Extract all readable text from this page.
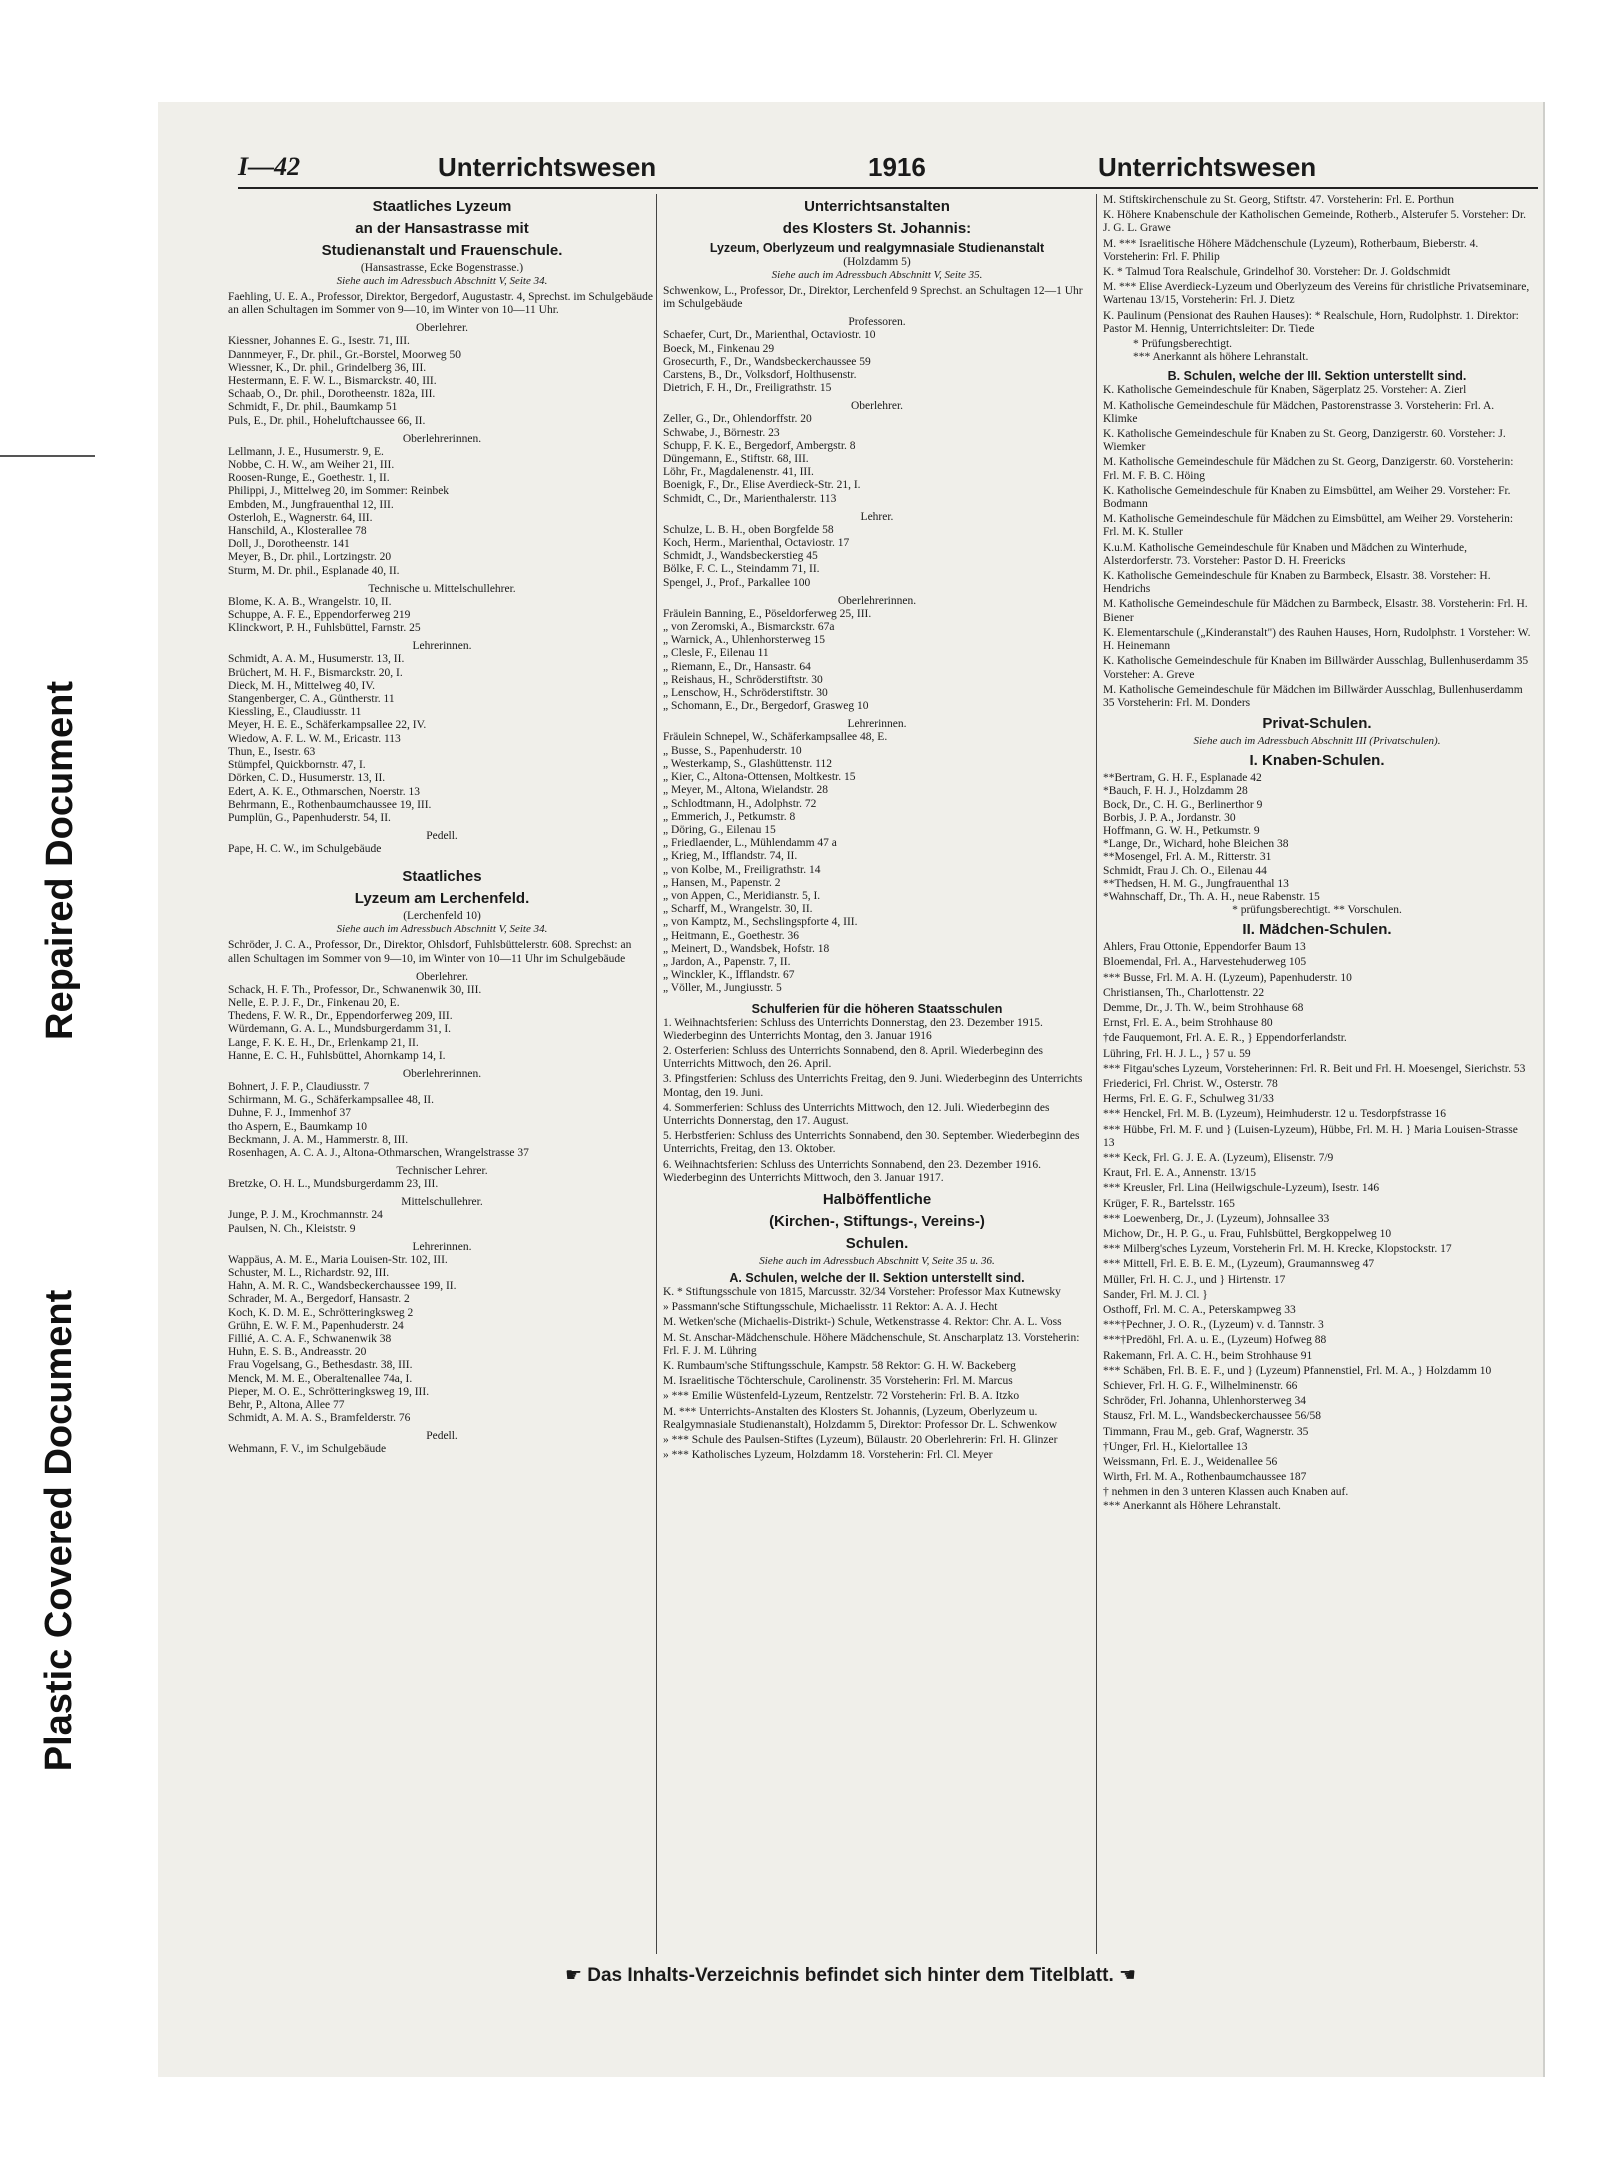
Repaired Document
Plastic Covered Document
I—42	Unterrichtswesen	1916	Unterrichtswesen
Staatliches Lyzeum
an der Hansastrasse mit
Studienanstalt und Frauenschule.
(Hansastrasse, Ecke Bogenstrasse.)
Siehe auch im Adressbuch Abschnitt V, Seite 34.
Faehling, U. E. A., Professor, Direktor, Bergedorf, Augustastr. 4, Sprechst. im Schulgebäude an allen Schultagen im Sommer von 9—10, im Winter von 10—11 Uhr.
Oberlehrer.
Kiessner, Johannes E. G., Isestr. 71, III.
Dannmeyer, F., Dr. phil., Gr.-Borstel, Moorweg 50
Wiessner, K., Dr. phil., Grindelberg 36, III.
Hestermann, E. F. W. L., Bismarckstr. 40, III.
Schaab, O., Dr. phil., Dorotheenstr. 182a, III.
Schmidt, F., Dr. phil., Baumkamp 51
Puls, E., Dr. phil., Hoheluftchaussee 66, II.
Oberlehrerinnen.
Lellmann, J. E., Husumerstr. 9, E.
Nobbe, C. H. W., am Weiher 21, III.
Roosen-Runge, E., Goethestr. 1, II.
Philippi, J., Mittelweg 20, im Sommer: Reinbek
Embden, M., Jungfrauenthal 12, III.
Osterloh, E., Wagnerstr. 64, III.
Hanschild, A., Klosterallee 78
Doll, J., Dorotheenstr. 141
Meyer, B., Dr. phil., Lortzingstr. 20
Sturm, M. Dr. phil., Esplanade 40, II.
Technische u. Mittelschullehrer.
Blome, K. A. B., Wrangelstr. 10, II.
Schuppe, A. F. E., Eppendorferweg 219
Klinckwort, P. H., Fuhlsbüttel, Farnstr. 25
Lehrerinnen.
Schmidt, A. A. M., Husumerstr. 13, II.
Brüchert, M. H. F., Bismarckstr. 20, I.
Dieck, M. H., Mittelweg 40, IV.
Stangenberger, C. A., Güntherstr. 11
Kiessling, E., Claudiusstr. 11
Meyer, H. E. E., Schäferkampsallee 22, IV.
Wiedow, A. F. L. W. M., Ericastr. 113
Thun, E., Isestr. 63
Stümpfel, Quickbornstr. 47, I.
Dörken, C. D., Husumerstr. 13, II.
Edert, A. K. E., Othmarschen, Noerstr. 13
Behrmann, E., Rothenbaumchaussee 19, III.
Pumplün, G., Papenhuderstr. 54, II.
Pedell.
Pape, H. C. W., im Schulgebäude
Staatliches
Lyzeum am Lerchenfeld.
(Lerchenfeld 10)
Siehe auch im Adressbuch Abschnitt V, Seite 34.
Schröder, J. C. A., Professor, Dr., Direktor, Ohlsdorf, Fuhlsbüttelerstr. 608. Sprechst: an allen Schultagen im Sommer von 9—10, im Winter von 10—11 Uhr im Schulgebäude
Oberlehrer.
Schack, H. F. Th., Professor, Dr., Schwanenwik 30, III.
Nelle, E. P. J. F., Dr., Finkenau 20, E.
Thedens, F. W. R., Dr., Eppendorferweg 209, III.
Würdemann, G. A. L., Mundsburgerdamm 31, I.
Lange, F. K. E. H., Dr., Erlenkamp 21, II.
Hanne, E. C. H., Fuhlsbüttel, Ahornkamp 14, I.
Oberlehrerinnen.
Bohnert, J. F. P., Claudiusstr. 7
Schirmann, M. G., Schäferkampsallee 48, II.
Duhne, F. J., Immenhof 37
tho Aspern, E., Baumkamp 10
Beckmann, J. A. M., Hammerstr. 8, III.
Rosenhagen, A. C. A. J., Altona-Othmarschen, Wrangelstrasse 37
Technischer Lehrer.
Bretzke, O. H. L., Mundsburgerdamm 23, III.
Mittelschullehrer.
Junge, P. J. M., Krochmannstr. 24
Paulsen, N. Ch., Kleiststr. 9
Lehrerinnen.
Wappäus, A. M. E., Maria Louisen-Str. 102, III.
Schuster, M. L., Richardstr. 92, III.
Hahn, A. M. R. C., Wandsbeckerchaussee 199, II.
Schrader, M. A., Bergedorf, Hansastr. 2
Koch, K. D. M. E., Schrötteringksweg 2
Grühn, E. W. F. M., Papenhuderstr. 24
Fillié, A. C. A. F., Schwanenwik 38
Huhn, E. S. B., Andreasstr. 20
Frau Vogelsang, G., Bethesdastr. 38, III.
Menck, M. M. E., Oberaltenallee 74a, I.
Pieper, M. O. E., Schrötteringksweg 19, III.
Behr, P., Altona, Allee 77
Schmidt, A. M. A. S., Bramfelderstr. 76
Pedell.
Wehmann, F. V., im Schulgebäude
Unterrichtsanstalten
des Klosters St. Johannis:
Lyzeum, Oberlyzeum und realgymnasiale Studienanstalt
(Holzdamm 5)
Siehe auch im Adressbuch Abschnitt V, Seite 35.
Schwenkow, L., Professor, Dr., Direktor, Lerchenfeld 9 Sprechst. an Schultagen 12—1 Uhr im Schulgebäude
Professoren.
Schaefer, Curt, Dr., Marienthal, Octaviostr. 10
Boeck, M., Finkenau 29
Grosecurth, F., Dr., Wandsbeckerchaussee 59
Carstens, B., Dr., Volksdorf, Holthusenstr.
Dietrich, F. H., Dr., Freiligrathstr. 15
Oberlehrer.
Zeller, G., Dr., Ohlendorffstr. 20
Schwabe, J., Börnestr. 23
Schupp, F. K. E., Bergedorf, Ambergstr. 8
Düngemann, E., Stiftstr. 68, III.
Löhr, Fr., Magdalenenstr. 41, III.
Boenigk, F., Dr., Elise Averdieck-Str. 21, I.
Schmidt, C., Dr., Marienthalerstr. 113
Lehrer.
Schulze, L. B. H., oben Borgfelde 58
Koch, Herm., Marienthal, Octaviostr. 17
Schmidt, J., Wandsbeckerstieg 45
Bölke, F. C. L., Steindamm 71, II.
Spengel, J., Prof., Parkallee 100
Oberlehrerinnen.
Fräulein Banning, E., Pöseldorferweg 25, III.
„ von Zeromski, A., Bismarckstr. 67a
„ Warnick, A., Uhlenhorsterweg 15
„ Clesle, F., Eilenau 11
„ Riemann, E., Dr., Hansastr. 64
„ Reishaus, H., Schröderstiftstr. 30
„ Lenschow, H., Schröderstiftstr. 30
„ Schomann, E., Dr., Bergedorf, Grasweg 10
Lehrerinnen.
Fräulein Schnepel, W., Schäferkampsallee 48, E.
„ Busse, S., Papenhuderstr. 10
„ Westerkamp, S., Glashüttenstr. 112
„ Kier, C., Altona-Ottensen, Moltkestr. 15
„ Meyer, M., Altona, Wielandstr. 28
„ Schlodtmann, H., Adolphstr. 72
„ Emmerich, J., Petkumstr. 8
„ Döring, G., Eilenau 15
„ Friedlaender, L., Mühlendamm 47 a
„ Krieg, M., Ifflandstr. 74, II.
„ von Kolbe, M., Freiligrathstr. 14
„ Hansen, M., Papenstr. 2
„ von Appen, C., Meridianstr. 5, I.
„ Scharff, M., Wrangelstr. 30, II.
„ von Kamptz, M., Sechslingspforte 4, III.
„ Heitmann, E., Goethestr. 36
„ Meinert, D., Wandsbek, Hofstr. 18
„ Jardon, A., Papenstr. 7, II.
„ Winckler, K., Ifflandstr. 67
„ Völler, M., Jungiusstr. 5
Schulferien für die höheren Staatsschulen
1. Weihnachtsferien: Schluss des Unterrichts Donnerstag, den 23. Dezember 1915. Wiederbeginn des Unterrichts Montag, den 3. Januar 1916
2. Osterferien: Schluss des Unterrichts Sonnabend, den 8. April. Wiederbeginn des Unterrichts Mittwoch, den 26. April.
3. Pfingstferien: Schluss des Unterrichts Freitag, den 9. Juni. Wiederbeginn des Unterrichts Montag, den 19. Juni.
4. Sommerferien: Schluss des Unterrichts Mittwoch, den 12. Juli. Wiederbeginn des Unterrichts Donnerstag, den 17. August.
5. Herbstferien: Schluss des Unterrichts Sonnabend, den 30. September. Wiederbeginn des Unterrichts, Freitag, den 13. Oktober.
6. Weihnachtsferien: Schluss des Unterrichts Sonnabend, den 23. Dezember 1916. Wiederbeginn des Unterrichts Mittwoch, den 3. Januar 1917.
Halböffentliche
(Kirchen-, Stiftungs-, Vereins-)
Schulen.
Siehe auch im Adressbuch Abschnitt V, Seite 35 u. 36.
A. Schulen, welche der II. Sektion unterstellt sind.
K. * Stiftungsschule von 1815, Marcusstr. 32/34 Vorsteher: Professor Max Kutnewsky
» Passmann'sche Stiftungsschule, Michaelisstr. 11 Rektor: A. A. J. Hecht
M. Wetken'sche (Michaelis-Distrikt-) Schule, Wetkenstrasse 4. Rektor: Chr. A. L. Voss
M. St. Anschar-Mädchenschule. Höhere Mädchenschule, St. Anscharplatz 13. Vorsteherin: Frl. F. J. M. Lühring
K. Rumbaum'sche Stiftungsschule, Kampstr. 58 Rektor: G. H. W. Backeberg
M. Israelitische Töchterschule, Carolinenstr. 35 Vorsteherin: Frl. M. Marcus
» *** Emilie Wüstenfeld-Lyzeum, Rentzelstr. 72 Vorsteherin: Frl. B. A. Itzko
M. *** Unterrichts-Anstalten des Klosters St. Johannis, (Lyzeum, Oberlyzeum u. Realgymnasiale Studienanstalt), Holzdamm 5, Direktor: Professor Dr. L. Schwenkow
» *** Schule des Paulsen-Stiftes (Lyzeum), Bülaustr. 20 Oberlehrerin: Frl. H. Glinzer
» *** Katholisches Lyzeum, Holzdamm 18. Vorsteherin: Frl. Cl. Meyer
M. Stiftskirchenschule zu St. Georg, Stiftstr. 47. Vorsteherin: Frl. E. Porthun
K. Höhere Knabenschule der Katholischen Gemeinde, Rotherb., Alsterufer 5. Vorsteher: Dr. J. G. L. Grawe
M. *** Israelitische Höhere Mädchenschule (Lyzeum), Rotherbaum, Bieberstr. 4. Vorsteherin: Frl. F. Philip
K. * Talmud Tora Realschule, Grindelhof 30. Vorsteher: Dr. J. Goldschmidt
M. *** Elise Averdieck-Lyzeum und Oberlyzeum des Vereins für christliche Privatseminare, Wartenau 13/15, Vorsteherin: Frl. J. Dietz
K. Paulinum (Pensionat des Rauhen Hauses): * Realschule, Horn, Rudolphstr. 1. Direktor: Pastor M. Hennig, Unterrichtsleiter: Dr. Tiede
* Prüfungsberechtigt.
*** Anerkannt als höhere Lehranstalt.
B. Schulen, welche der III. Sektion unterstellt sind.
K. Katholische Gemeindeschule für Knaben, Sägerplatz 25. Vorsteher: A. Zierl
M. Katholische Gemeindeschule für Mädchen, Pastorenstrasse 3. Vorsteherin: Frl. A. Klimke
K. Katholische Gemeindeschule für Knaben zu St. Georg, Danzigerstr. 60. Vorsteher: J. Wiemker
M. Katholische Gemeindeschule für Mädchen zu St. Georg, Danzigerstr. 60. Vorsteherin: Frl. M. F. B. C. Höing
K. Katholische Gemeindeschule für Knaben zu Eimsbüttel, am Weiher 29. Vorsteher: Fr. Bodmann
M. Katholische Gemeindeschule für Mädchen zu Eimsbüttel, am Weiher 29. Vorsteherin: Frl. M. K. Stuller
K.u.M. Katholische Gemeindeschule für Knaben und Mädchen zu Winterhude, Alsterdorferstr. 73. Vorsteher: Pastor D. H. Freericks
K. Katholische Gemeindeschule für Knaben zu Barmbeck, Elsastr. 38. Vorsteher: H. Hendrichs
M. Katholische Gemeindeschule für Mädchen zu Barmbeck, Elsastr. 38. Vorsteherin: Frl. H. Biener
K. Elementarschule („Kinderanstalt") des Rauhen Hauses, Horn, Rudolphstr. 1 Vorsteher: W. H. Heinemann
K. Katholische Gemeindeschule für Knaben im Billwärder Ausschlag, Bullenhuserdamm 35 Vorsteher: A. Greve
M. Katholische Gemeindeschule für Mädchen im Billwärder Ausschlag, Bullenhuserdamm 35 Vorsteherin: Frl. M. Donders
Privat-Schulen.
Siehe auch im Adressbuch Abschnitt III (Privatschulen).
I. Knaben-Schulen.
**Bertram, G. H. F., Esplanade 42
*Bauch, F. H. J., Holzdamm 28
Bock, Dr., C. H. G., Berlinerthor 9
Borbis, J. P. A., Jordanstr. 30
Hoffmann, G. W. H., Petkumstr. 9
*Lange, Dr., Wichard, hohe Bleichen 38
**Mosengel, Frl. A. M., Ritterstr. 31
Schmidt, Frau J. Ch. O., Eilenau 44
**Thedsen, H. M. G., Jungfrauenthal 13
*Wahnschaff, Dr., Th. A. H., neue Rabenstr. 15
* prüfungsberechtigt. ** Vorschulen.
II. Mädchen-Schulen.
Ahlers, Frau Ottonie, Eppendorfer Baum 13
Bloemendal, Frl. A., Harvestehuderweg 105
*** Busse, Frl. M. A. H. (Lyzeum), Papenhuderstr. 10
Christiansen, Th., Charlottenstr. 22
Demme, Dr., J. Th. W., beim Strohhause 68
Ernst, Frl. E. A., beim Strohhause 80
†de Fauquemont, Frl. A. E. R., } Eppendorferlandstr.
Lühring, Frl. H. J. L., } 57 u. 59
*** Fitgau'sches Lyzeum, Vorsteherinnen: Frl. R. Beit und Frl. H. Moesengel, Sierichstr. 53
Friederici, Frl. Christ. W., Osterstr. 78
Herms, Frl. E. G. F., Schulweg 31/33
*** Henckel, Frl. M. B. (Lyzeum), Heimhuderstr. 12 u. Tesdorpfstrasse 16
*** Hübbe, Frl. M. F. und } (Luisen-Lyzeum), Hübbe, Frl. M. H. } Maria Louisen-Strasse 13
*** Keck, Frl. G. J. E. A. (Lyzeum), Elisenstr. 7/9
Kraut, Frl. E. A., Annenstr. 13/15
*** Kreusler, Frl. Lina (Heilwigschule-Lyzeum), Isestr. 146
Krüger, F. R., Bartelsstr. 165
*** Loewenberg, Dr., J. (Lyzeum), Johnsallee 33
Michow, Dr., H. P. G., u. Frau, Fuhlsbüttel, Bergkoppelweg 10
*** Milberg'sches Lyzeum, Vorsteherin Frl. M. H. Krecke, Klopstockstr. 17
*** Mittell, Frl. E. B. E. M., (Lyzeum), Graumannsweg 47
Müller, Frl. H. C. J., und } Hirtenstr. 17
Sander, Frl. M. J. Cl. }
Osthoff, Frl. M. C. A., Peterskampweg 33
***†Pechner, J. O. R., (Lyzeum) v. d. Tannstr. 3
***†Predöhl, Frl. A. u. E., (Lyzeum) Hofweg 88
Rakemann, Frl. A. C. H., beim Strohhause 91
*** Schäben, Frl. B. E. F., und } (Lyzeum) Pfannenstiel, Frl. M. A., } Holzdamm 10
Schiever, Frl. H. G. F., Wilhelminenstr. 66
Schröder, Frl. Johanna, Uhlenhorsterweg 34
Stausz, Frl. M. L., Wandsbeckerchaussee 56/58
Timmann, Frau M., geb. Graf, Wagnerstr. 35
†Unger, Frl. H., Kielortallee 13
Weissmann, Frl. E. J., Weidenallee 56
Wirth, Frl. M. A., Rothenbaumchaussee 187
† nehmen in den 3 unteren Klassen auch Knaben auf.
*** Anerkannt als Höhere Lehranstalt.
☛ Das Inhalts-Verzeichnis befindet sich hinter dem Titelblatt. ☚
